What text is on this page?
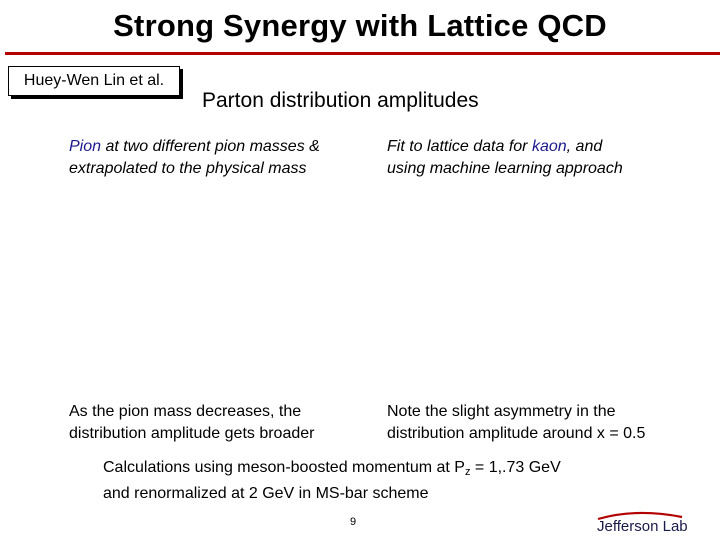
Strong Synergy with Lattice QCD
Huey-Wen Lin et al.
Parton distribution amplitudes
Pion at two different pion masses &
extrapolated to the physical mass
Fit to lattice data for kaon, and
using machine learning approach
As the pion mass decreases, the
distribution amplitude gets broader
Note the slight asymmetry in the
distribution amplitude around x = 0.5
Calculations using meson-boosted momentum at $P_z = 1,.73$ GeV
and renormalized at 2 GeV in MS-bar scheme
9	Jefferson Lab
